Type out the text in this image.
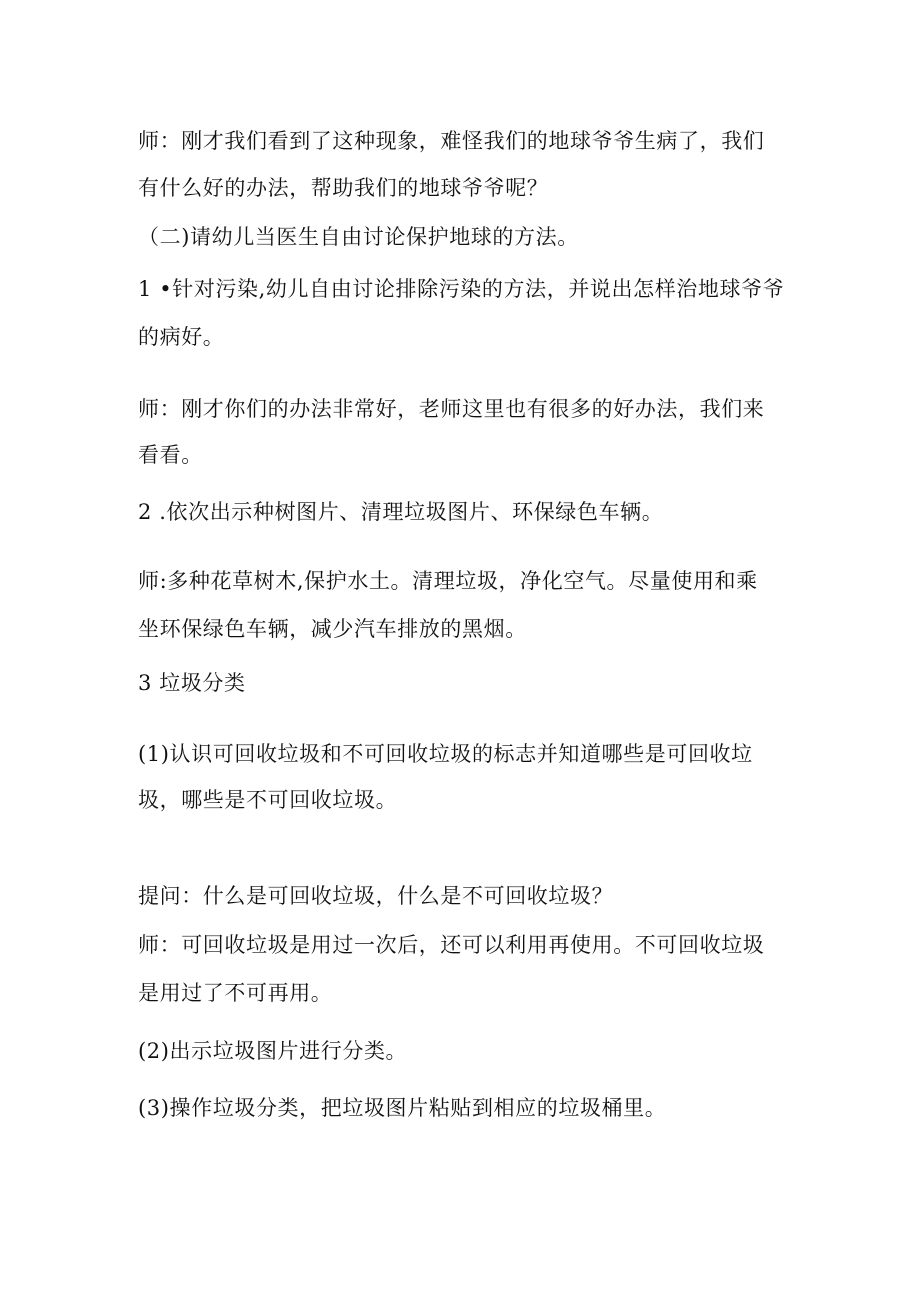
师：刚才我们看到了这种现象，难怪我们的地球爷爷生病了，我们
有什么好的办法，帮助我们的地球爷爷呢？
（二)请幼儿当医生自由讨论保护地球的方法。
1 •针对污染,幼儿自由讨论排除污染的方法，并说出怎样治地球爷爷
的病好。
师：刚才你们的办法非常好，老师这里也有很多的好办法，我们来
看看。
2 .依次出示种树图片、清理垃圾图片、环保绿色车辆。
师:多种花草树木,保护水土。清理垃圾，净化空气。尽量使用和乘
坐环保绿色车辆，减少汽车排放的黑烟。
3 垃圾分类
(1)认识可回收垃圾和不可回收垃圾的标志并知道哪些是可回收垃
圾，哪些是不可回收垃圾。
提问：什么是可回收垃圾，什么是不可回收垃圾？
师：可回收垃圾是用过一次后，还可以利用再使用。不可回收垃圾
是用过了不可再用。
(2)出示垃圾图片进行分类。
(3)操作垃圾分类，把垃圾图片粘贴到相应的垃圾桶里。
